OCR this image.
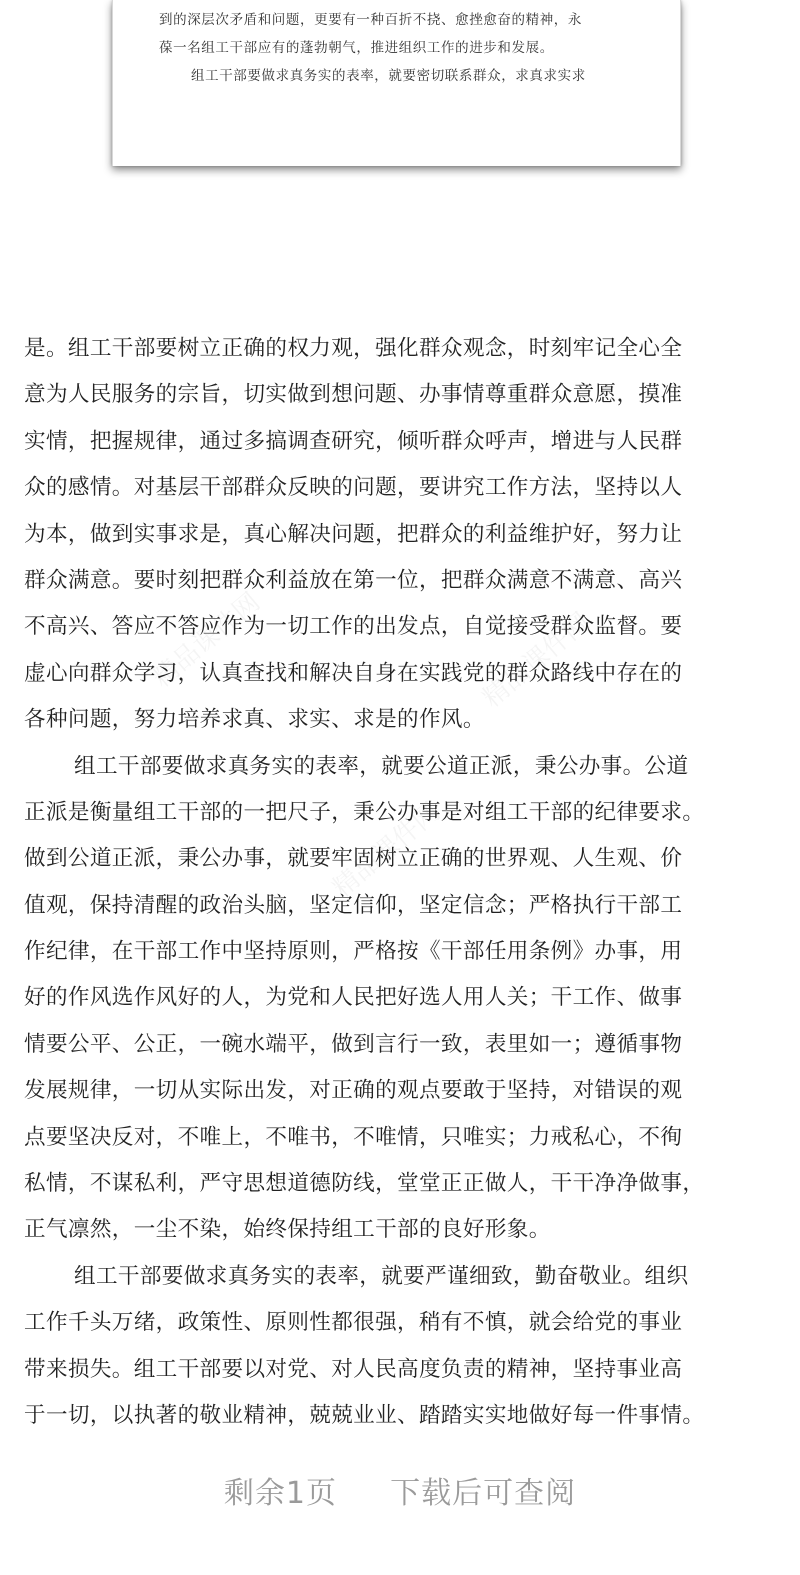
到的深层次矛盾和问题，更要有一种百折不挠、愈挫愈奋的精神，永
葆一名组工干部应有的蓬勃朝气，推进组织工作的进步和发展。
组工干部要做求真务实的表率，就要密切联系群众，求真求实求
是。组工干部要树立正确的权力观，强化群众观念，时刻牢记全心全
意为人民服务的宗旨，切实做到想问题、办事情尊重群众意愿，摸准
实情，把握规律，通过多搞调查研究，倾听群众呼声，增进与人民群
众的感情。对基层干部群众反映的问题，要讲究工作方法，坚持以人
为本，做到实事求是，真心解决问题，把群众的利益维护好，努力让
群众满意。要时刻把群众利益放在第一位，把群众满意不满意、高兴
不高兴、答应不答应作为一切工作的出发点，自觉接受群众监督。要
虚心向群众学习，认真查找和解决自身在实践党的群众路线中存在的
各种问题，努力培养求真、求实、求是的作风。
组工干部要做求真务实的表率，就要公道正派，秉公办事。公道
正派是衡量组工干部的一把尺子，秉公办事是对组工干部的纪律要求。
做到公道正派，秉公办事，就要牢固树立正确的世界观、人生观、价
值观，保持清醒的政治头脑，坚定信仰，坚定信念；严格执行干部工
作纪律，在干部工作中坚持原则，严格按《干部任用条例》办事，用
好的作风选作风好的人，为党和人民把好选人用人关；干工作、做事
情要公平、公正，一碗水端平，做到言行一致，表里如一；遵循事物
发展规律，一切从实际出发，对正确的观点要敢于坚持，对错误的观
点要坚决反对，不唯上，不唯书，不唯情，只唯实；力戒私心，不徇
私情，不谋私利，严守思想道德防线，堂堂正正做人，干干净净做事，
正气凛然，一尘不染，始终保持组工干部的良好形象。
组工干部要做求真务实的表率，就要严谨细致，勤奋敬业。组织
工作千头万绪，政策性、原则性都很强，稍有不慎，就会给党的事业
带来损失。组工干部要以对党、对人民高度负责的精神，坚持事业高
于一切，以执著的敬业精神，兢兢业业、踏踏实实地做好每一件事情。
剩余1页 下载后可查阅
